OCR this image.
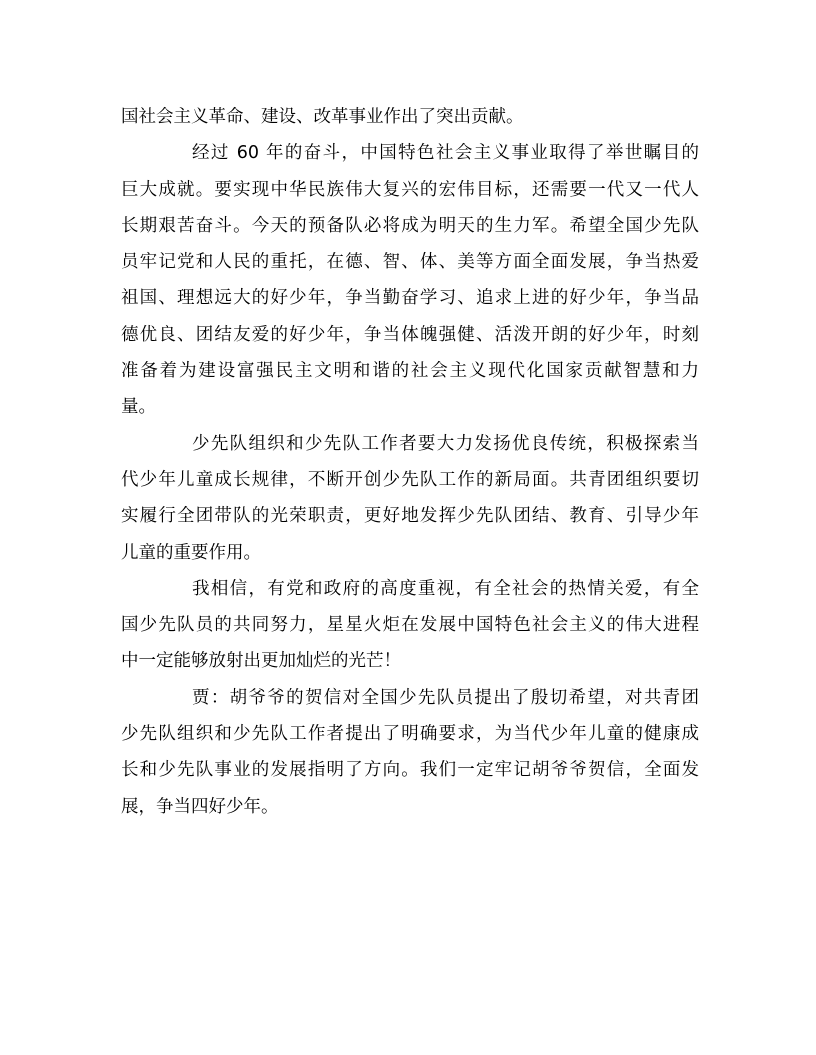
国社会主义革命、建设、改革事业作出了突出贡献。
经过 60 年的奋斗，中国特色社会主义事业取得了举世瞩目的
巨大成就。要实现中华民族伟大复兴的宏伟目标，还需要一代又一代人
长期艰苦奋斗。今天的预备队必将成为明天的生力军。希望全国少先队
员牢记党和人民的重托，在德、智、体、美等方面全面发展，争当热爱
祖国、理想远大的好少年，争当勤奋学习、追求上进的好少年，争当品
德优良、团结友爱的好少年，争当体魄强健、活泼开朗的好少年，时刻
准备着为建设富强民主文明和谐的社会主义现代化国家贡献智慧和力
量。
少先队组织和少先队工作者要大力发扬优良传统，积极探索当
代少年儿童成长规律，不断开创少先队工作的新局面。共青团组织要切
实履行全团带队的光荣职责，更好地发挥少先队团结、教育、引导少年
儿童的重要作用。
我相信，有党和政府的高度重视，有全社会的热情关爱，有全
国少先队员的共同努力，星星火炬在发展中国特色社会主义的伟大进程
中一定能够放射出更加灿烂的光芒！
贾：胡爷爷的贺信对全国少先队员提出了殷切希望，对共青团
少先队组织和少先队工作者提出了明确要求，为当代少年儿童的健康成
长和少先队事业的发展指明了方向。我们一定牢记胡爷爷贺信，全面发
展，争当四好少年。
